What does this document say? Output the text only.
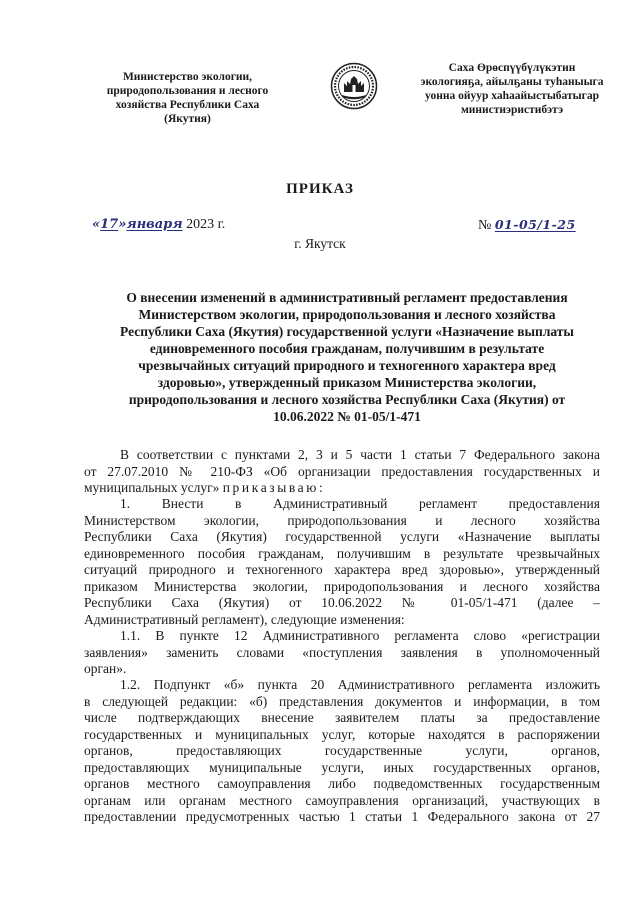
Министерство экологии,
природопользования и лесного
хозяйства Республики Саха
(Якутия)
Саха Өрөспүүбүлүкэтин
экологияҕа, айылҕаны туһаныыга
уонна ойуур хаһаайыстыбатыгар
министиэристибэтэ
ПРИКАЗ
«17»января 2023 г.	№ 01-05/1-25
г. Якутск
О внесении изменений в административный регламент предоставления
Министерством экологии, природопользования и лесного хозяйства
Республики Саха (Якутия) государственной услуги «Назначение выплаты
единовременного пособия гражданам, получившим в результате
чрезвычайных ситуаций природного и техногенного характера вред
здоровью», утвержденный приказом Министерства экологии,
природопользования и лесного хозяйства Республики Саха (Якутия) от
10.06.2022 № 01-05/1-471
В соответствии с пунктами 2, 3 и 5 части 1 статьи 7 Федерального закона
от 27.07.2010 № 210-ФЗ «Об организации предоставления государственных и
муниципальных услуг» приказываю:
1. Внести в Административный регламент предоставления
Министерством экологии, природопользования и лесного хозяйства
Республики Саха (Якутия) государственной услуги «Назначение выплаты
единовременного пособия гражданам, получившим в результате чрезвычайных
ситуаций природного и техногенного характера вред здоровью», утвержденный
приказом Министерства экологии, природопользования и лесного хозяйства
Республики Саха (Якутия) от 10.06.2022 № 01-05/1-471 (далее –
Административный регламент), следующие изменения:
1.1. В пункте 12 Административного регламента слово «регистрации
заявления» заменить словами «поступления заявления в уполномоченный
орган».
1.2. Подпункт «б» пункта 20 Административного регламента изложить
в следующей редакции: «б) представления документов и информации, в том
числе подтверждающих внесение заявителем платы за предоставление
государственных и муниципальных услуг, которые находятся в распоряжении
органов, предоставляющих государственные услуги, органов,
предоставляющих муниципальные услуги, иных государственных органов,
органов местного самоуправления либо подведомственных государственным
органам или органам местного самоуправления организаций, участвующих в
предоставлении предусмотренных частью 1 статьи 1 Федерального закона от 27
